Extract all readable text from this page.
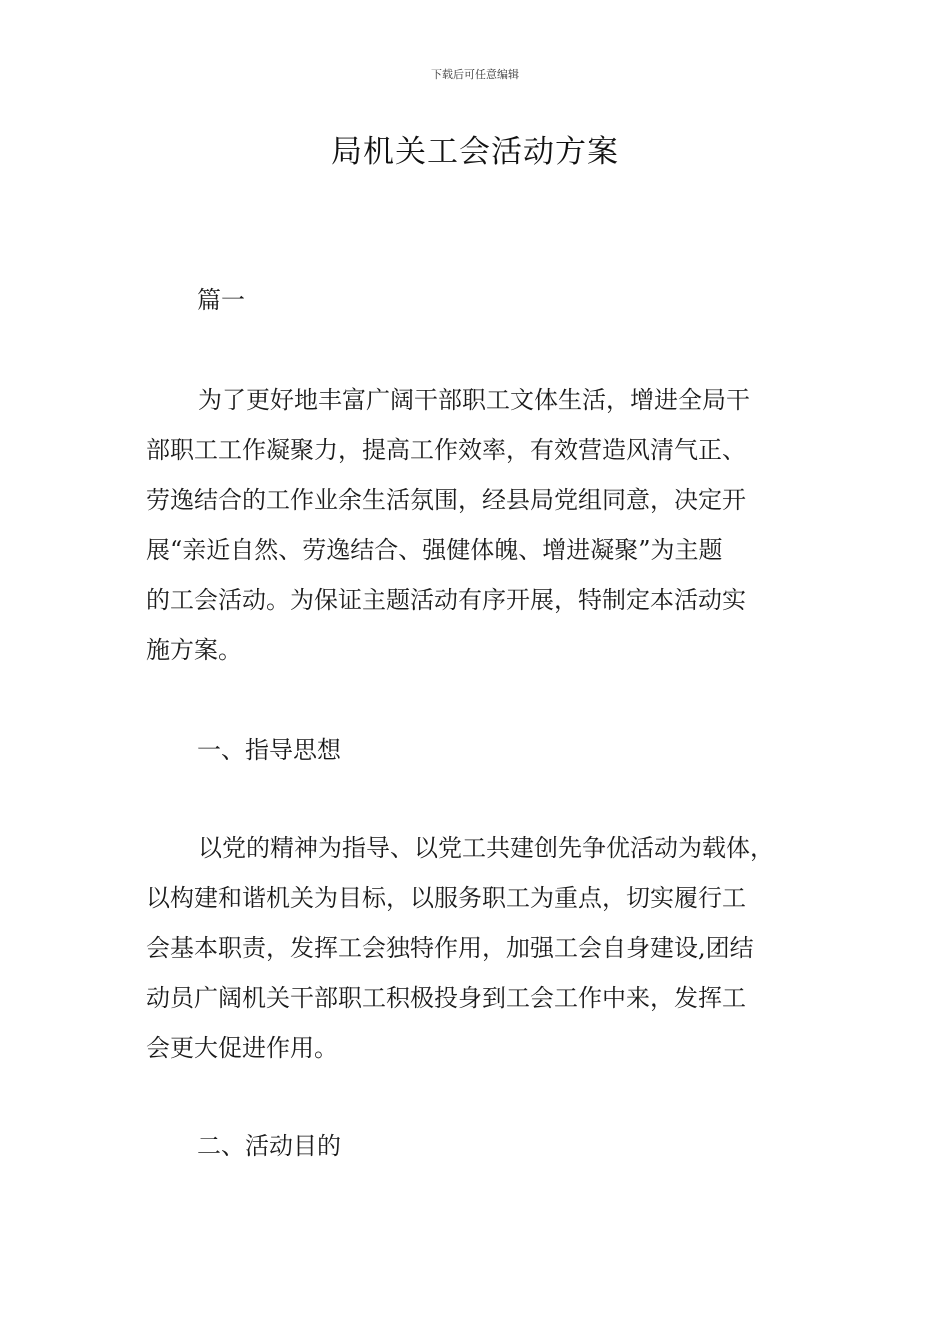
下载后可任意编辑
局机关工会活动方案
篇一
为了更好地丰富广阔干部职工文体生活，增进全局干
部职工工作凝聚力，提高工作效率，有效营造风清气正、
劳逸结合的工作业余生活氛围，经县局党组同意，决定开
展“亲近自然、劳逸结合、强健体魄、增进凝聚”为主题
的工会活动。为保证主题活动有序开展，特制定本活动实
施方案。
一、指导思想
以党的精神为指导、以党工共建创先争优活动为载体，
以构建和谐机关为目标，以服务职工为重点，切实履行工
会基本职责，发挥工会独特作用，加强工会自身建设,团结
动员广阔机关干部职工积极投身到工会工作中来，发挥工
会更大促进作用。
二、活动目的
